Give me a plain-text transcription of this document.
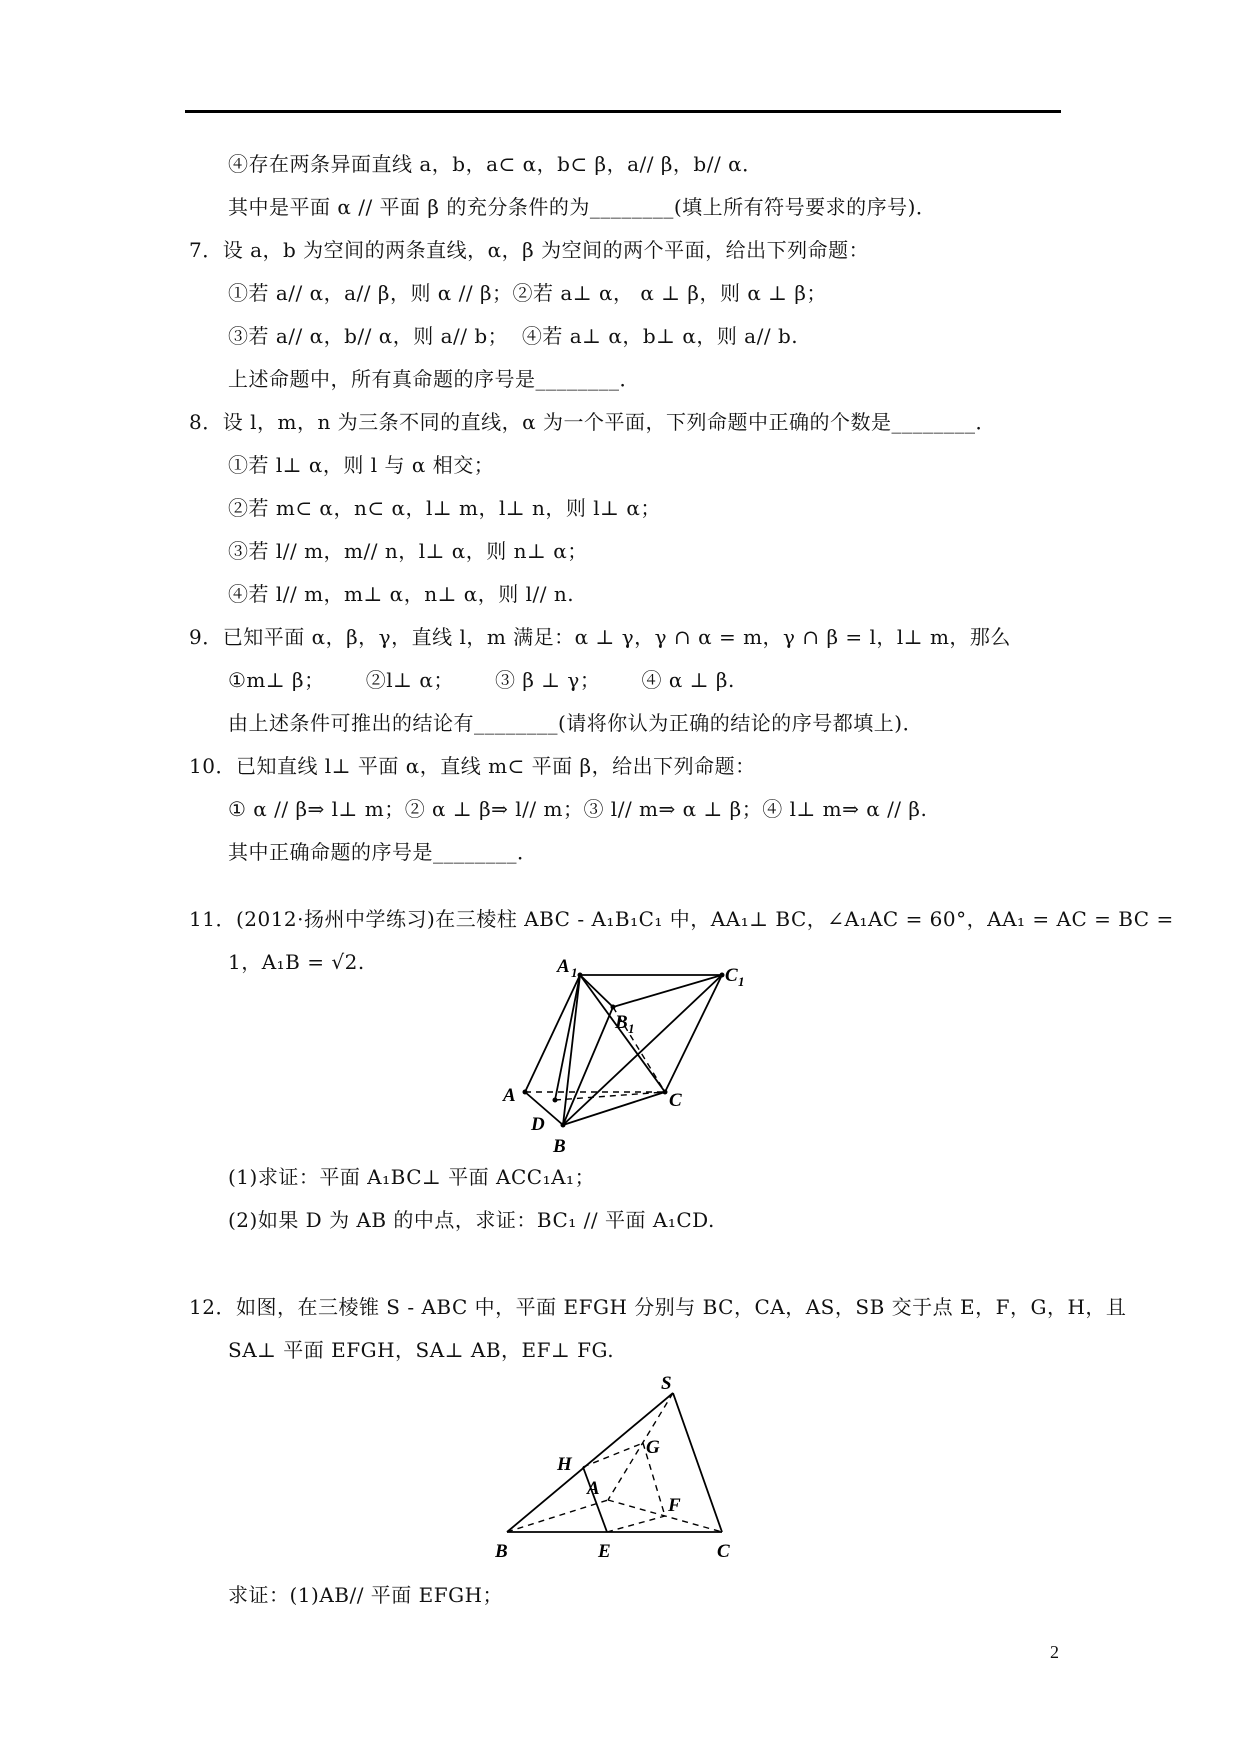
④存在两条异面直线 a，b，a⊂ α，b⊂ β，a// β，b// α．
其中是平面 α // 平面 β 的充分条件的为________(填上所有符号要求的序号)．
7．设 a，b 为空间的两条直线，α，β 为空间的两个平面，给出下列命题：
①若 a// α，a// β，则 α // β；②若 a⊥ α， α ⊥ β，则 α ⊥ β；
③若 a// α，b// α，则 a// b；  ④若 a⊥ α，b⊥ α，则 a// b.
上述命题中，所有真命题的序号是________．
8．设 l，m，n 为三条不同的直线，α 为一个平面，下列命题中正确的个数是________．
①若 l⊥ α，则 l 与 α 相交；
②若 m⊂ α，n⊂ α，l⊥ m，l⊥ n，则 l⊥ α；
③若 l// m，m// n，l⊥ α，则 n⊥ α；
④若 l// m，m⊥ α，n⊥ α，则 l// n.
9．已知平面 α，β，γ，直线 l，m 满足：α ⊥ γ，γ ∩ α = m，γ ∩ β = l，l⊥ m，那么
①m⊥ β；      ②l⊥ α；      ③ β ⊥ γ；      ④ α ⊥ β.
由上述条件可推出的结论有________(请将你认为正确的结论的序号都填上)．
10．已知直线 l⊥ 平面 α，直线 m⊂ 平面 β，给出下列命题：
① α // β⇒ l⊥ m；② α ⊥ β⇒ l// m；③ l// m⇒ α ⊥ β；④ l⊥ m⇒ α // β.
其中正确命题的序号是________．
11．(2012·扬州中学练习)在三棱柱 ABC - A₁B₁C₁ 中，AA₁⊥ BC，∠A₁AC = 60°，AA₁ = AC = BC =
1，A₁B = √2.	A 1
B 1
C 1
A
D
B
C
(1)求证：平面 A₁BC⊥ 平面 ACC₁A₁；
(2)如果 D 为 AB 的中点，求证：BC₁ // 平面 A₁CD.
12．如图，在三棱锥 S - ABC 中，平面 EFGH 分别与 BC，CA，AS，SB 交于点 E，F，G，H，且
SA⊥ 平面 EFGH，SA⊥ AB，EF⊥ FG.
S
H
G
A
F
B	E	C
求证：(1)AB// 平面 EFGH；
2
